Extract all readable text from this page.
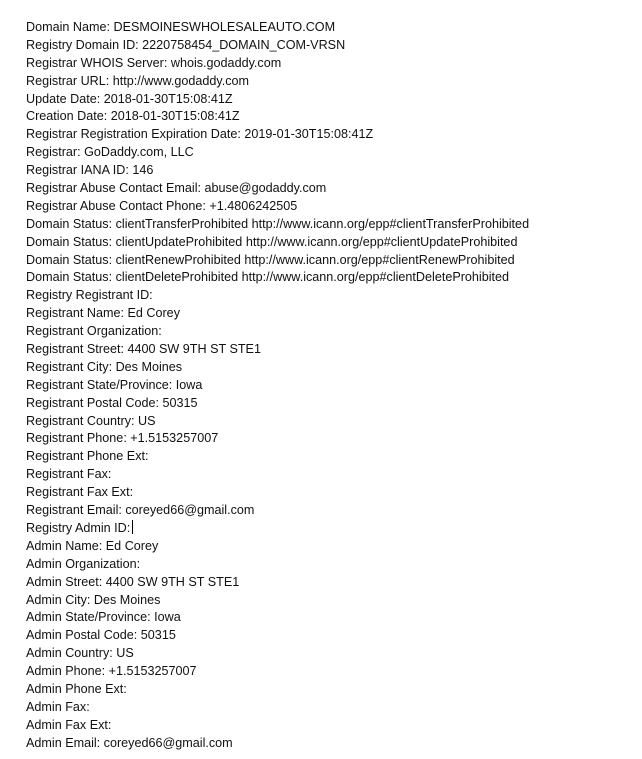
Domain Name: DESMOINESWHOLESALEAUTO.COM
Registry Domain ID: 2220758454_DOMAIN_COM-VRSN
Registrar WHOIS Server: whois.godaddy.com
Registrar URL: http://www.godaddy.com
Update Date: 2018-01-30T15:08:41Z
Creation Date: 2018-01-30T15:08:41Z
Registrar Registration Expiration Date: 2019-01-30T15:08:41Z
Registrar: GoDaddy.com, LLC
Registrar IANA ID: 146
Registrar Abuse Contact Email: abuse@godaddy.com
Registrar Abuse Contact Phone: +1.4806242505
Domain Status: clientTransferProhibited http://www.icann.org/epp#clientTransferProhibited
Domain Status: clientUpdateProhibited http://www.icann.org/epp#clientUpdateProhibited
Domain Status: clientRenewProhibited http://www.icann.org/epp#clientRenewProhibited
Domain Status: clientDeleteProhibited http://www.icann.org/epp#clientDeleteProhibited
Registry Registrant ID:
Registrant Name: Ed Corey
Registrant Organization:
Registrant Street: 4400 SW 9TH ST STE1
Registrant City: Des Moines
Registrant State/Province: Iowa
Registrant Postal Code: 50315
Registrant Country: US
Registrant Phone: +1.5153257007
Registrant Phone Ext:
Registrant Fax:
Registrant Fax Ext:
Registrant Email: coreyed66@gmail.com
Registry Admin ID:
Admin Name: Ed Corey
Admin Organization:
Admin Street: 4400 SW 9TH ST STE1
Admin City: Des Moines
Admin State/Province: Iowa
Admin Postal Code: 50315
Admin Country: US
Admin Phone: +1.5153257007
Admin Phone Ext:
Admin Fax:
Admin Fax Ext:
Admin Email: coreyed66@gmail.com
